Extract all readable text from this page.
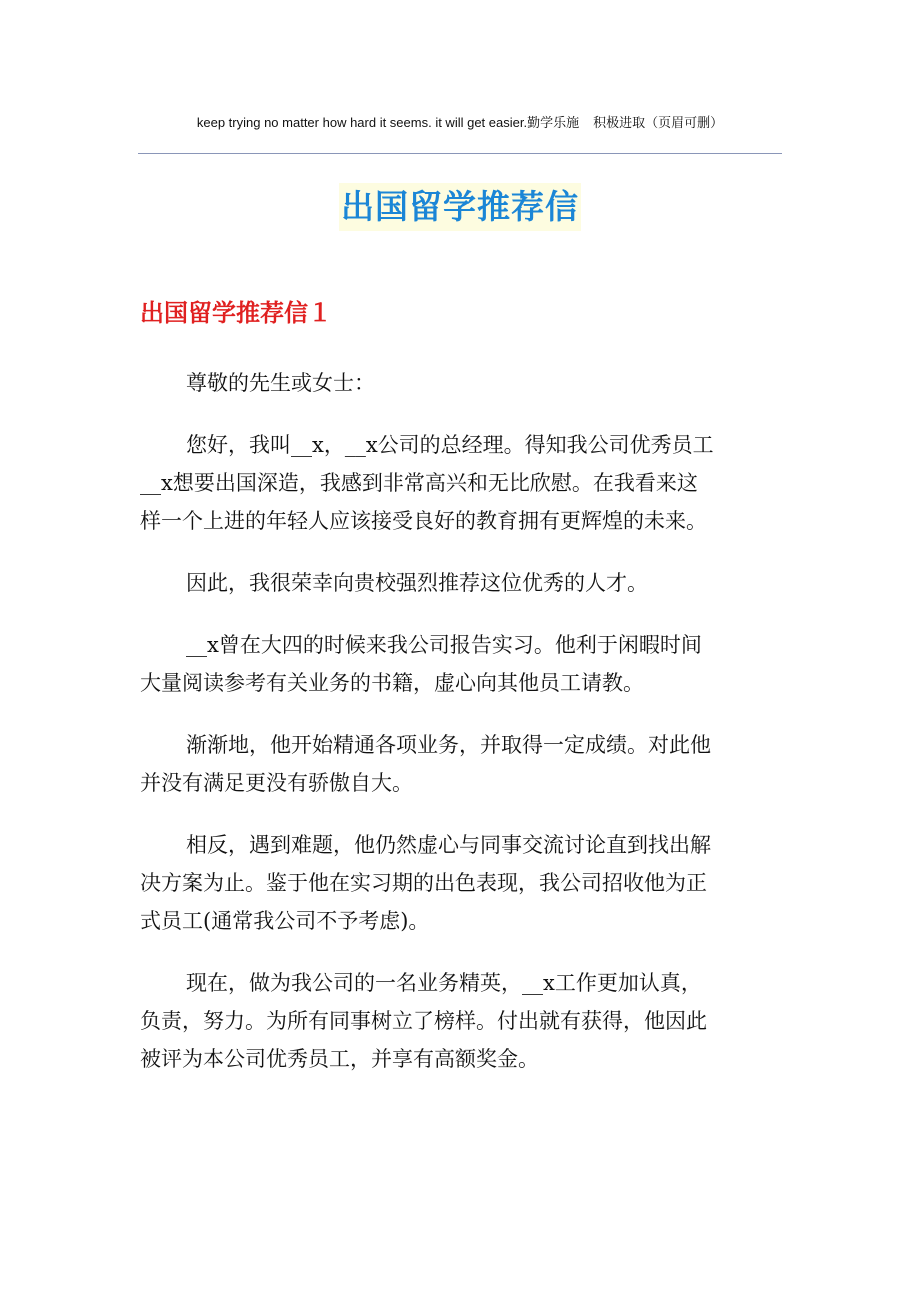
keep trying no matter how hard it seems. it will get easier.勤学乐施 积极进取（页眉可删）
出国留学推荐信
出国留学推荐信１

尊敬的先生或女士：

您好，我叫__x，__x公司的总经理。得知我公司优秀员工
__x想要出国深造，我感到非常高兴和无比欣慰。在我看来这
样一个上进的年轻人应该接受良好的教育拥有更辉煌的未来。

因此，我很荣幸向贵校强烈推荐这位优秀的人才。

__x曾在大四的时候来我公司报告实习。他利于闲暇时间
大量阅读参考有关业务的书籍，虚心向其他员工请教。

渐渐地，他开始精通各项业务，并取得一定成绩。对此他
并没有满足更没有骄傲自大。

相反，遇到难题，他仍然虚心与同事交流讨论直到找出解
决方案为止。鉴于他在实习期的出色表现，我公司招收他为正
式员工(通常我公司不予考虑)。

现在，做为我公司的一名业务精英，__x工作更加认真，
负责，努力。为所有同事树立了榜样。付出就有获得，他因此
被评为本公司优秀员工，并享有高额奖金。
